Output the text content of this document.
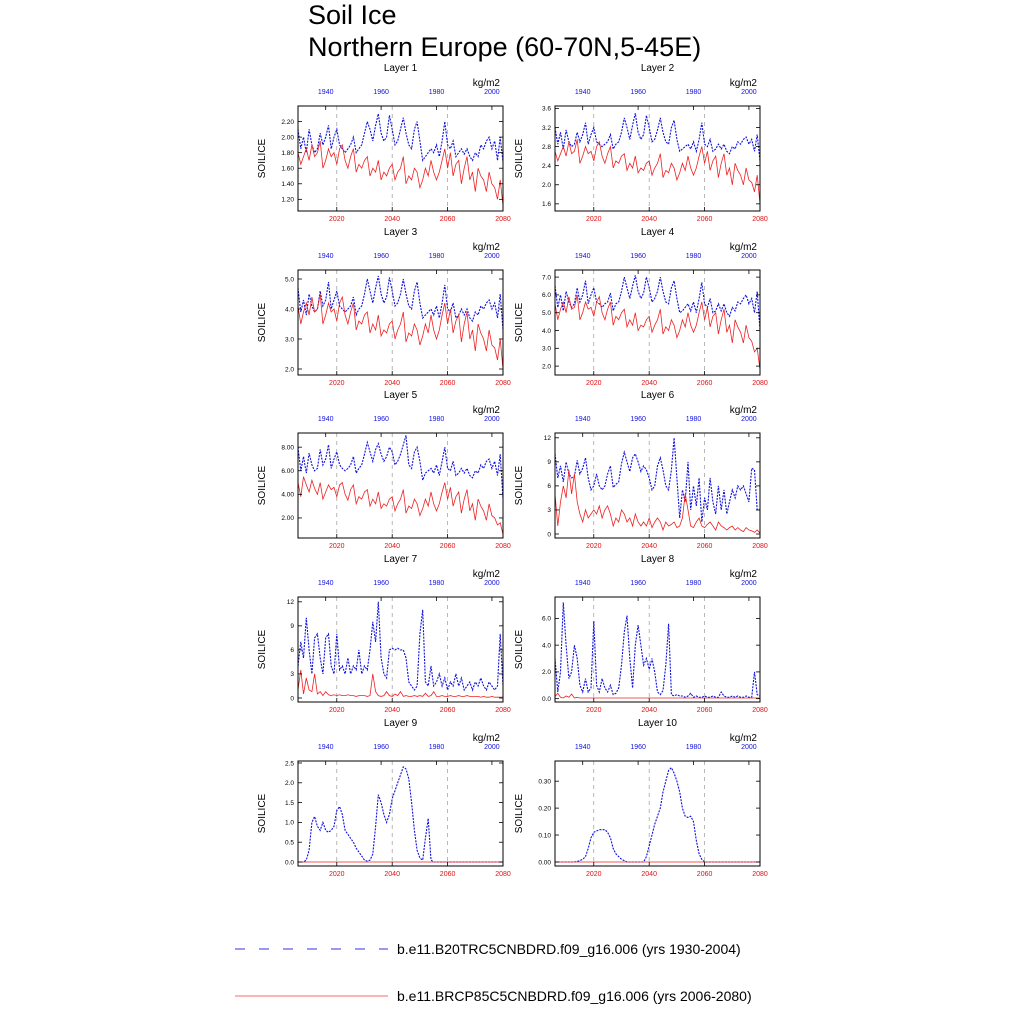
Soil Ice
Northern Europe (60-70N,5-45E)
Layer 1
kg/m2
SOILICE
1.20
1.40
1.60
1.80
2.00
2.20
1940	1960	1980	2000
2020	2040	2060	2080
Layer 2
kg/m2
SOILICE
1.6
2.0
2.4
2.8
3.2
3.6
1940	1960	1980	2000
2020	2040	2060	2080
Layer 3
kg/m2
SOILICE
2.0
3.0
4.0
5.0
1940	1960	1980	2000
2020	2040	2060	2080
Layer 4
kg/m2
SOILICE
2.0
3.0
4.0
5.0
6.0
7.0
1940	1960	1980	2000
2020	2040	2060	2080
Layer 5
kg/m2
SOILICE
2.00
4.00
6.00
8.00
1940	1960	1980	2000
2020	2040	2060	2080
Layer 6
kg/m2
SOILICE
0
3
6
9
12
1940	1960	1980	2000
2020	2040	2060	2080
Layer 7
kg/m2
SOILICE
0
3
6
9
12
1940	1960	1980	2000
2020	2040	2060	2080
Layer 8
kg/m2
SOILICE
0.0
2.0
4.0
6.0
1940	1960	1980	2000
2020	2040	2060	2080
Layer 9
kg/m2
SOILICE
0.0
0.5
1.0
1.5
2.0
2.5
1940	1960	1980	2000
2020	2040	2060	2080
Layer 10
kg/m2
SOILICE
0.00
0.10
0.20
0.30
1940	1960	1980	2000
2020	2040	2060	2080
b.e11.B20TRC5CNBDRD.f09_g16.006 (yrs 1930-2004)
b.e11.BRCP85C5CNBDRD.f09_g16.006 (yrs 2006-2080)
